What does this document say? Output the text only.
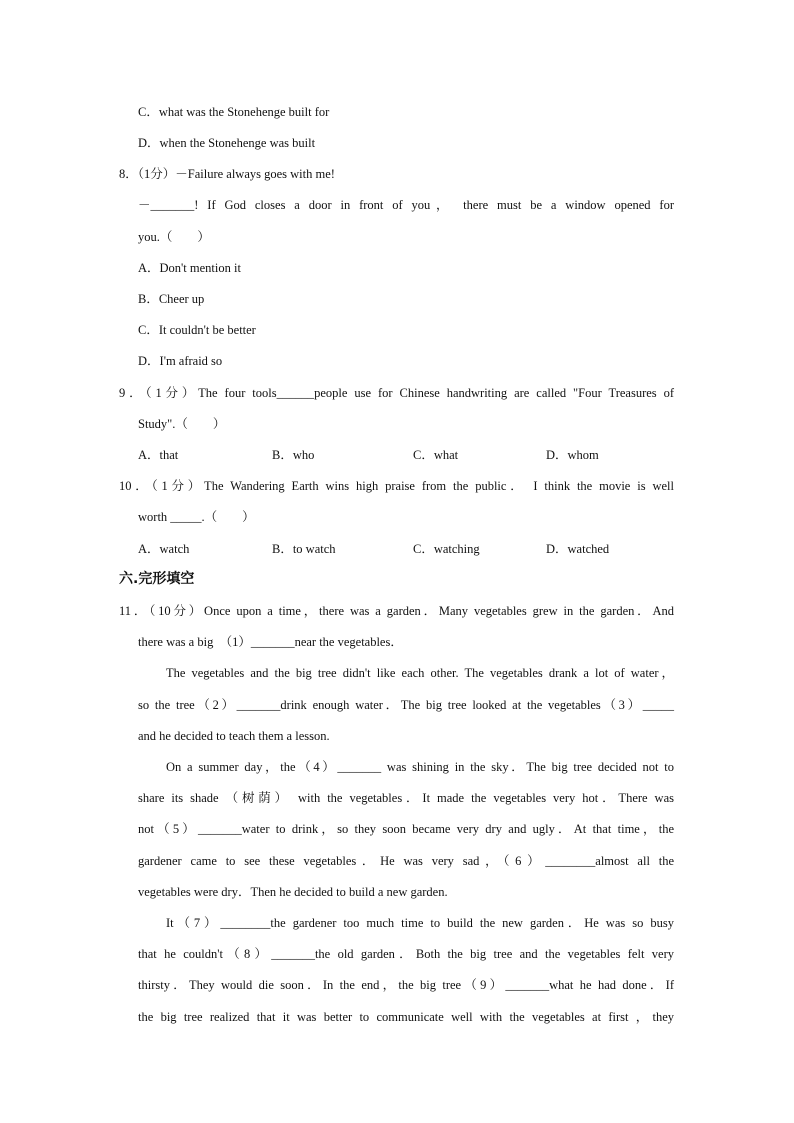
C．what was the Stonehenge built for
D．when the Stonehenge was built
8．（1分）－Failure always goes with me!
－_______! If God closes a door in front of you， there must be a window opened for
you.（　　）
A．Don't mention it
B．Cheer up
C．It couldn't be better
D．I'm afraid so
9．（1分）The four tools______people use for Chinese handwriting are called "Four Treasures of
Study".（　　）
A．that	B．who	C．what	D．whom
10．（1分）The Wandering Earth wins high praise from the public． I think the movie is well
worth _____.（　　）
A．watch	B．to watch	C．watching	D．watched
六.完形填空
11．（10分）Once upon a time，there was a garden．Many vegetables grew in the garden．And
there was a big　（1）_______near the vegetables．
The vegetables and the big tree didn't like each other. The vegetables drank a lot of water，
so the tree（2）_______drink enough water．The big tree looked at the vegetables（3）_____
and he decided to teach them a lesson.
On a summer day，the（4）_______ was shining in the sky．The big tree decided not to
share its shade （树荫） with the vegetables．It made the vegetables very hot．There was
not（5）_______water to drink，so they soon became very dry and ugly．At that time，the
gardener came to see these vegetables．He was very sad，（6）________almost all the
vegetables were dry．Then he decided to build a new garden.
It（7）________the gardener too much time to build the new garden．He was so busy
that he couldn't（8）_______the old garden．Both the big tree and the vegetables felt very
thirsty．They would die soon．In the end，the big tree（9）_______what he had done．If
the big tree realized that it was better to communicate well with the vegetables at first ，they
